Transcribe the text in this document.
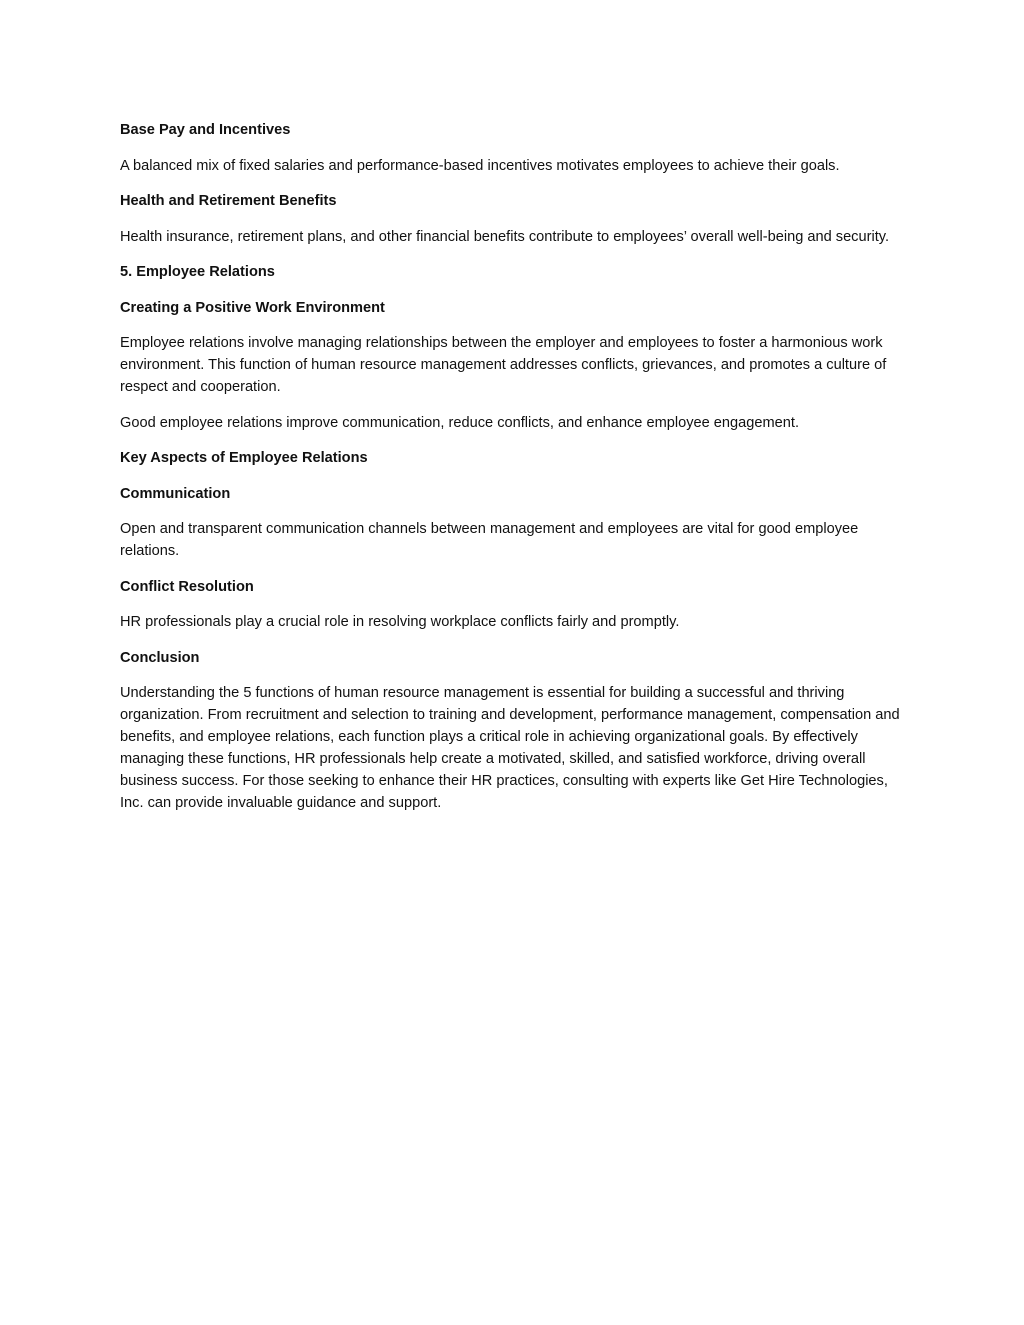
Base Pay and Incentives

A balanced mix of fixed salaries and performance-based incentives motivates employees to achieve their goals.

Health and Retirement Benefits

Health insurance, retirement plans, and other financial benefits contribute to employees’ overall well-being and security.

5. Employee Relations

Creating a Positive Work Environment

Employee relations involve managing relationships between the employer and employees to foster a harmonious work environment. This function of human resource management addresses conflicts, grievances, and promotes a culture of respect and cooperation.

Good employee relations improve communication, reduce conflicts, and enhance employee engagement.

Key Aspects of Employee Relations

Communication

Open and transparent communication channels between management and employees are vital for good employee relations.

Conflict Resolution

HR professionals play a crucial role in resolving workplace conflicts fairly and promptly.

Conclusion

Understanding the 5 functions of human resource management is essential for building a successful and thriving organization. From recruitment and selection to training and development, performance management, compensation and benefits, and employee relations, each function plays a critical role in achieving organizational goals. By effectively managing these functions, HR professionals help create a motivated, skilled, and satisfied workforce, driving overall business success. For those seeking to enhance their HR practices, consulting with experts like Get Hire Technologies, Inc. can provide invaluable guidance and support.
